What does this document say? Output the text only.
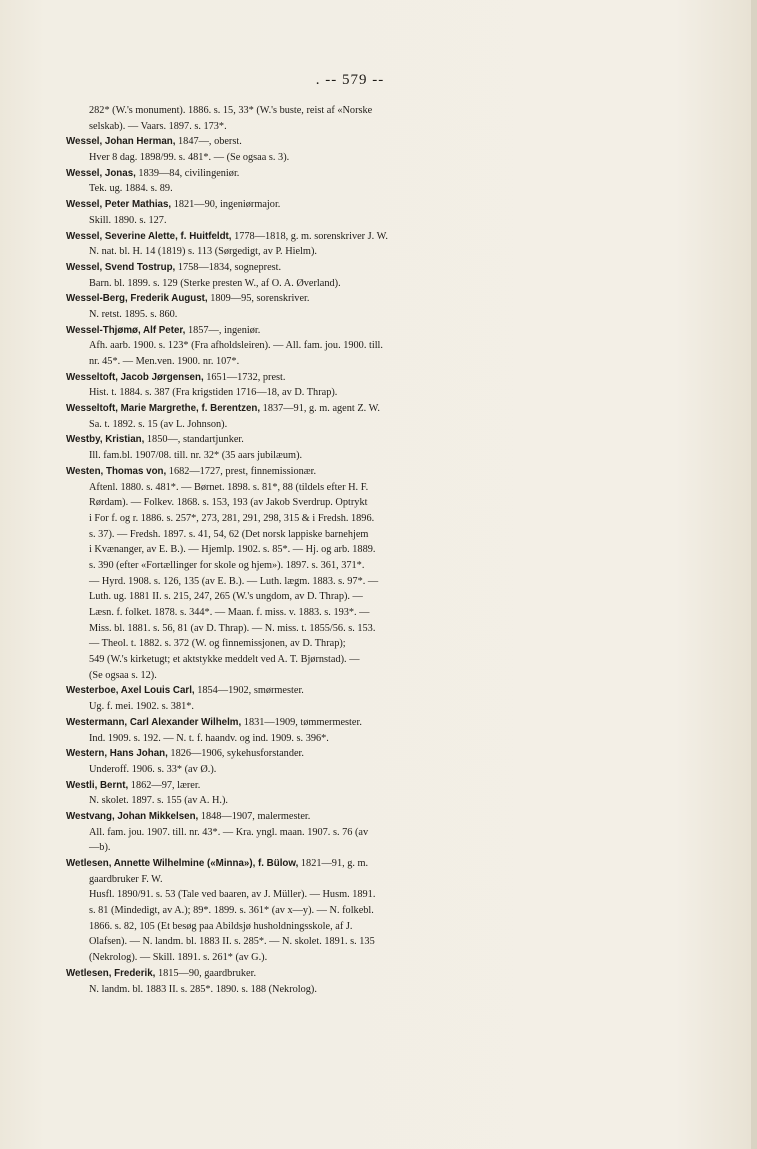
. -- 579 --
282* (W.'s monument). 1886. s. 15, 33* (W.'s buste, reist af «Norske
selskab). — Vaars. 1897. s. 173*.
Wessel, Johan Herman, 1847—, oberst.
Hver 8 dag. 1898/99. s. 481*. — (Se ogsaa s. 3).
Wessel, Jonas, 1839—84, civilingeniør.
Tek. ug. 1884. s. 89.
Wessel, Peter Mathias, 1821—90, ingeniørmajor.
Skill. 1890. s. 127.
Wessel, Severine Alette, f. Huitfeldt, 1778—1818, g. m. sorenskriver J. W.
N. nat. bl. H. 14 (1819) s. 113 (Sørgedigt, av P. Hielm).
Wessel, Svend Tostrup, 1758—1834, sogneprest.
Barn. bl. 1899. s. 129 (Sterke presten W., af O. A. Øverland).
Wessel-Berg, Frederik August, 1809—95, sorenskriver.
N. retst. 1895. s. 860.
Wessel-Thjømø, Alf Peter, 1857—, ingeniør.
Afh. aarb. 1900. s. 123* (Fra afholdsleiren). — All. fam. jou. 1900. till.
nr. 45*. — Men.ven. 1900. nr. 107*.
Wesseltoft, Jacob Jørgensen, 1651—1732, prest.
Hist. t. 1884. s. 387 (Fra krigstiden 1716—18, av D. Thrap).
Wesseltoft, Marie Margrethe, f. Berentzen, 1837—91, g. m. agent Z. W.
Sa. t. 1892. s. 15 (av L. Johnson).
Westby, Kristian, 1850—, standartjunker.
Ill. fam.bl. 1907/08. till. nr. 32* (35 aars jubilæum).
Westen, Thomas von, 1682—1727, prest, finnemissionær.
Aftenl. 1880. s. 481*. — Børnet. 1898. s. 81*, 88 (tildels efter H. F.
Rørdam). — Folkev. 1868. s. 153, 193 (av Jakob Sverdrup. Optrykt
i For f. og r. 1886. s. 257*, 273, 281, 291, 298, 315 & i Fredsh. 1896.
s. 37). — Fredsh. 1897. s. 41, 54, 62 (Det norsk lappiske barnehjem
i Kvænanger, av E. B.). — Hjemlp. 1902. s. 85*. — Hj. og arb. 1889.
s. 390 (efter «Fortællinger for skole og hjem»). 1897. s. 361, 371*.
— Hyrd. 1908. s. 126, 135 (av E. B.). — Luth. lægm. 1883. s. 97*. —
Luth. ug. 1881 II. s. 215, 247, 265 (W.'s ungdom, av D. Thrap). —
Læsn. f. folket. 1878. s. 344*. — Maan. f. miss. v. 1883. s. 193*. —
Miss. bl. 1881. s. 56, 81 (av D. Thrap). — N. miss. t. 1855/56. s. 153.
— Theol. t. 1882. s. 372 (W. og finnemissjonen, av D. Thrap);
549 (W.'s kirketugt; et aktstykke meddelt ved A. T. Bjørnstad). —
(Se ogsaa s. 12).
Westerboe, Axel Louis Carl, 1854—1902, smørmester.
Ug. f. mei. 1902. s. 381*.
Westermann, Carl Alexander Wilhelm, 1831—1909, tømmermester.
Ind. 1909. s. 192. — N. t. f. haandv. og ind. 1909. s. 396*.
Western, Hans Johan, 1826—1906, sykehusforstander.
Underoff. 1906. s. 33* (av Ø.).
Westli, Bernt, 1862—97, lærer.
N. skolet. 1897. s. 155 (av A. H.).
Westvang, Johan Mikkelsen, 1848—1907, malermester.
All. fam. jou. 1907. till. nr. 43*. — Kra. yngl. maan. 1907. s. 76 (av
—b).
Wetlesen, Annette Wilhelmine («Minna»), f. Bülow, 1821—91, g. m.
gaardbruker F. W.
Husfl. 1890/91. s. 53 (Tale ved baaren, av J. Müller). — Husm. 1891.
s. 81 (Mindedigt, av A.); 89*. 1899. s. 361* (av x—y). — N. folkebl.
1866. s. 82, 105 (Et besøg paa Abildsjø husholdningsskole, af J.
Olafsen). — N. landm. bl. 1883 II. s. 285*. — N. skolet. 1891. s. 135
(Nekrolog). — Skill. 1891. s. 261* (av G.).
Wetlesen, Frederik, 1815—90, gaardbruker.
N. landm. bl. 1883 II. s. 285*. 1890. s. 188 (Nekrolog).
